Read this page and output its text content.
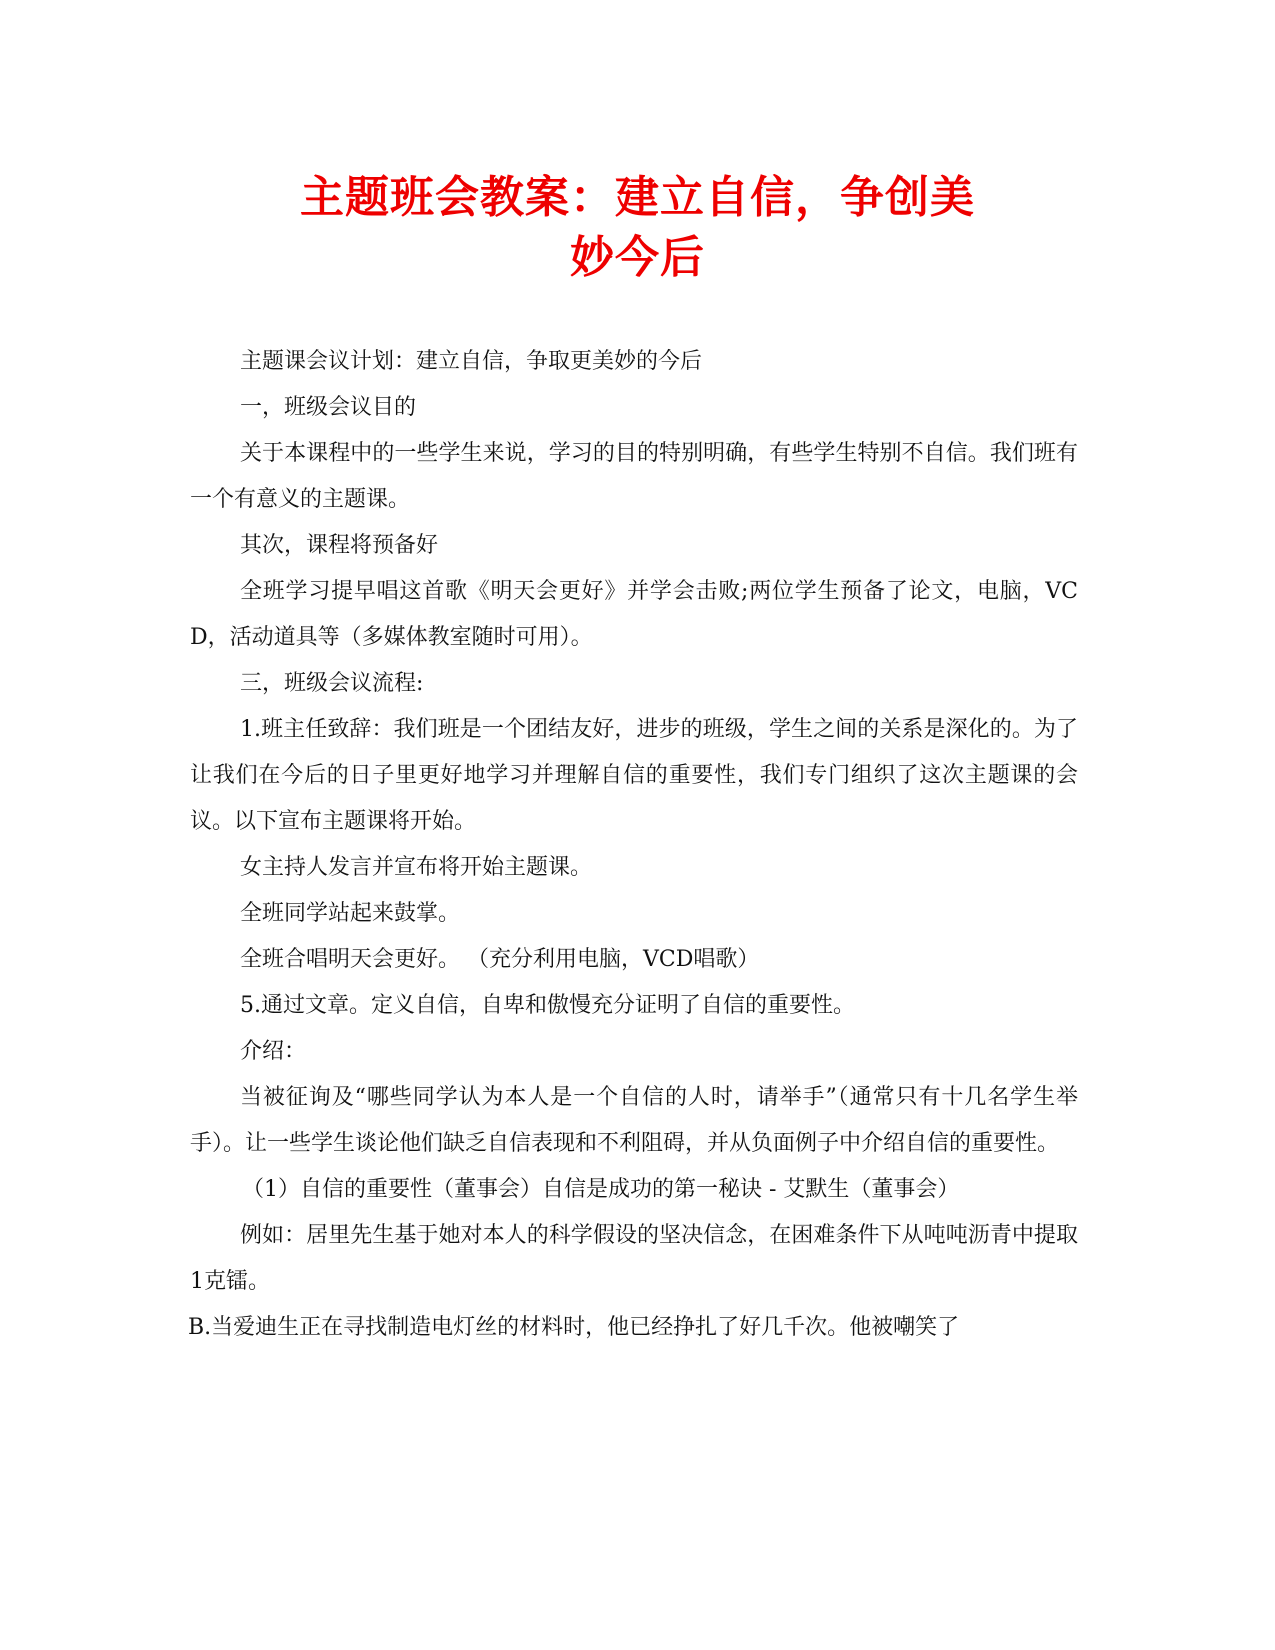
主题班会教案：建立自信，争创美
妙今后

主题课会议计划：建立自信，争取更美妙的今后

一，班级会议目的

关于本课程中的一些学生来说，学习的目的特别明确，有些学生特别不自信。我们班有一个有意义的主题课。

其次，课程将预备好

全班学习提早唱这首歌《明天会更好》并学会击败;两位学生预备了论文，电脑，VCD，活动道具等（多媒体教室随时可用）。

三，班级会议流程:

1.班主任致辞：我们班是一个团结友好，进步的班级，学生之间的关系是深化的。为了让我们在今后的日子里更好地学习并理解自信的重要性，我们专门组织了这次主题课的会议。以下宣布主题课将开始。

女主持人发言并宣布将开始主题课。

全班同学站起来鼓掌。

全班合唱明天会更好。 （充分利用电脑，VCD唱歌）

5.通过文章。定义自信，自卑和傲慢充分证明了自信的重要性。

介绍：

当被征询及“哪些同学认为本人是一个自信的人时，请举手”（通常只有十几名学生举手）。让一些学生谈论他们缺乏自信表现和不利阻碍，并从负面例子中介绍自信的重要性。

（1）自信的重要性（董事会）自信是成功的第一秘诀 - 艾默生（董事会）

例如：居里先生基于她对本人的科学假设的坚决信念，在困难条件下从吨吨沥青中提取1克镭。

B.当爱迪生正在寻找制造电灯丝的材料时，他已经挣扎了好几千次。他被嘲笑了
